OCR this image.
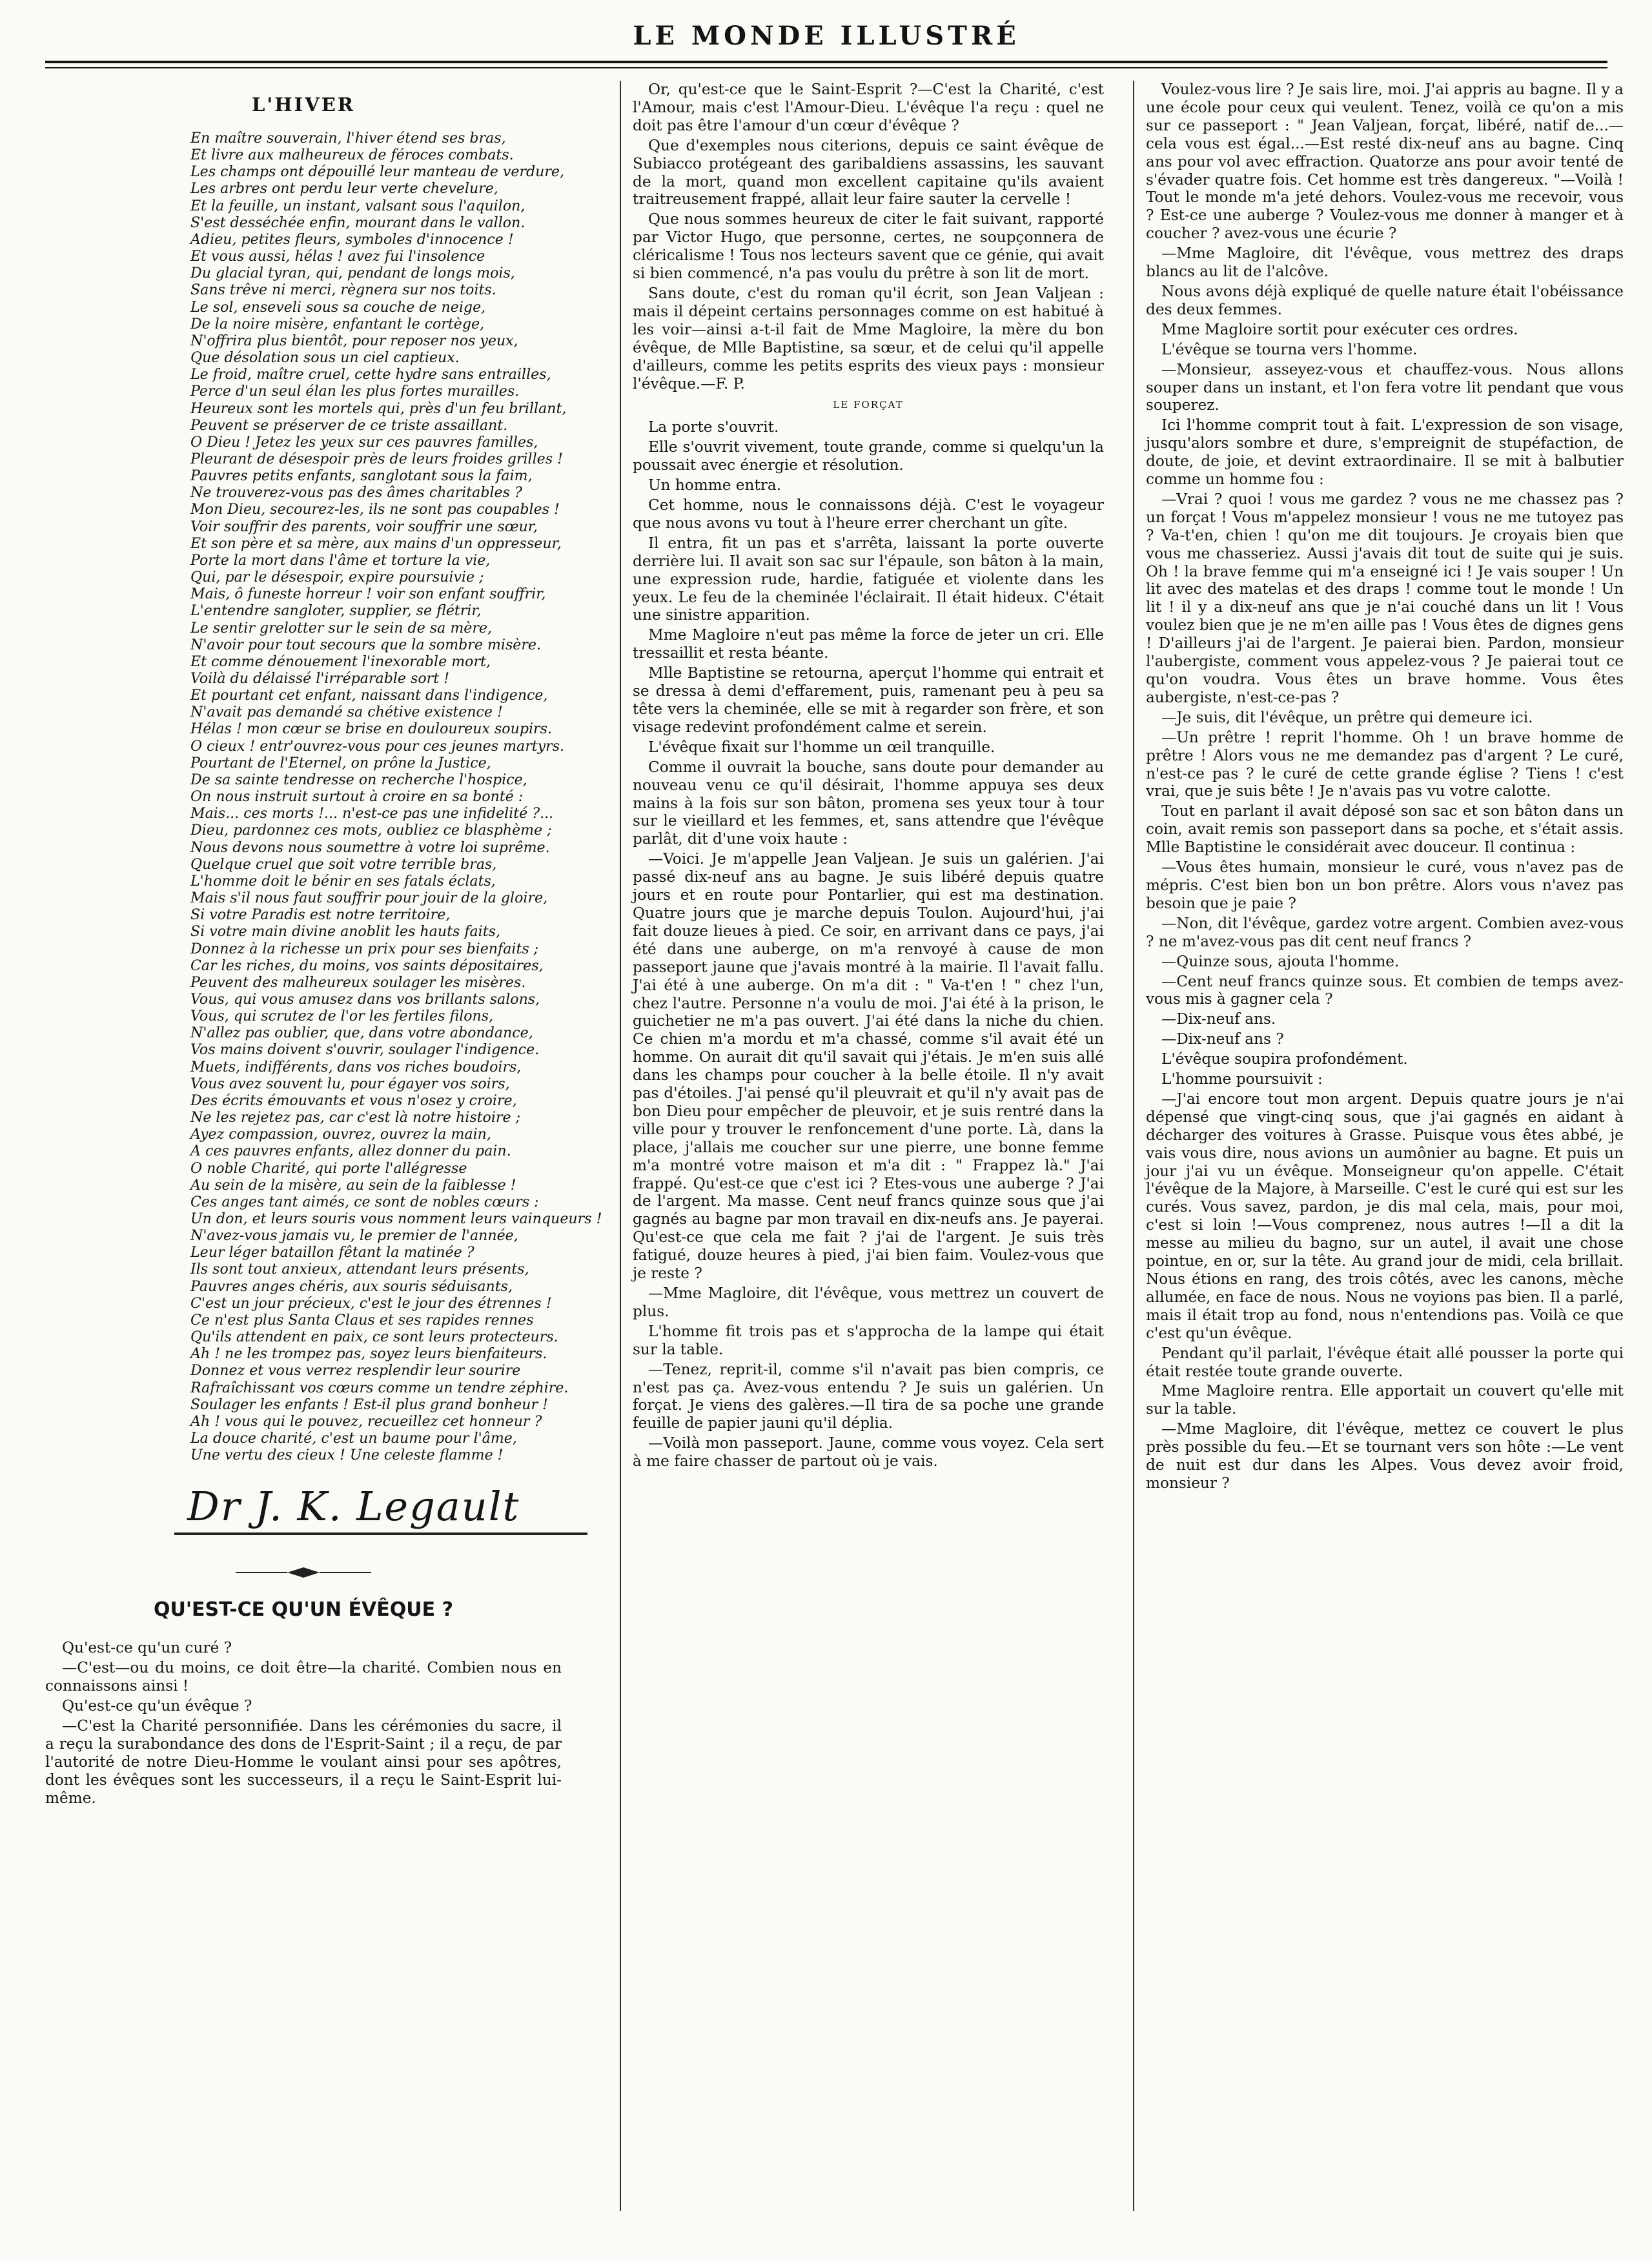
LE MONDE ILLUSTRÉ
L'HIVER
En maître souverain, l'hiver étend ses bras,
Et livre aux malheureux de féroces combats.
Les champs ont dépouillé leur manteau de verdure,
Les arbres ont perdu leur verte chevelure,
Et la feuille, un instant, valsant sous l'aquilon,
S'est desséchée enfin, mourant dans le vallon.
Adieu, petites fleurs, symboles d'innocence !
Et vous aussi, hélas ! avez fui l'insolence
Du glacial tyran, qui, pendant de longs mois,
Sans trêve ni merci, règnera sur nos toits.
Le sol, enseveli sous sa couche de neige,
De la noire misère, enfantant le cortège,
N'offrira plus bientôt, pour reposer nos yeux,
Que désolation sous un ciel captieux.
Le froid, maître cruel, cette hydre sans entrailles,
Perce d'un seul élan les plus fortes murailles.
Heureux sont les mortels qui, près d'un feu brillant,
Peuvent se préserver de ce triste assaillant.
O Dieu ! Jetez les yeux sur ces pauvres familles,
Pleurant de désespoir près de leurs froides grilles !
Pauvres petits enfants, sanglotant sous la faim,
Ne trouverez-vous pas des âmes charitables ?
Mon Dieu, secourez-les, ils ne sont pas coupables !
Voir souffrir des parents, voir souffrir une sœur,
Et son père et sa mère, aux mains d'un oppresseur,
Porte la mort dans l'âme et torture la vie,
Qui, par le désespoir, expire poursuivie ;
Mais, ô funeste horreur ! voir son enfant souffrir,
L'entendre sangloter, supplier, se flétrir,
Le sentir grelotter sur le sein de sa mère,
N'avoir pour tout secours que la sombre misère.
Et comme dénouement l'inexorable mort,
Voilà du délaissé l'irréparable sort !
Et pourtant cet enfant, naissant dans l'indigence,
N'avait pas demandé sa chétive existence !
Hélas ! mon cœur se brise en douloureux soupirs.
O cieux ! entr'ouvrez-vous pour ces jeunes martyrs.
Pourtant de l'Eternel, on prône la Justice,
De sa sainte tendresse on recherche l'hospice,
On nous instruit surtout à croire en sa bonté :
Mais... ces morts !... n'est-ce pas une infidelité ?...
Dieu, pardonnez ces mots, oubliez ce blasphème ;
Nous devons nous soumettre à votre loi suprême.
Quelque cruel que soit votre terrible bras,
L'homme doit le bénir en ses fatals éclats,
Mais s'il nous faut souffrir pour jouir de la gloire,
Si votre Paradis est notre territoire,
Si votre main divine anoblit les hauts faits,
Donnez à la richesse un prix pour ses bienfaits ;
Car les riches, du moins, vos saints dépositaires,
Peuvent des malheureux soulager les misères.
Vous, qui vous amusez dans vos brillants salons,
Vous, qui scrutez de l'or les fertiles filons,
N'allez pas oublier, que, dans votre abondance,
Vos mains doivent s'ouvrir, soulager l'indigence.
Muets, indifférents, dans vos riches boudoirs,
Vous avez souvent lu, pour égayer vos soirs,
Des écrits émouvants et vous n'osez y croire,
Ne les rejetez pas, car c'est là notre histoire ;
Ayez compassion, ouvrez, ouvrez la main,
A ces pauvres enfants, allez donner du pain.
O noble Charité, qui porte l'allégresse
Au sein de la misère, au sein de la faiblesse !
Ces anges tant aimés, ce sont de nobles cœurs :
Un don, et leurs souris vous nomment leurs vainqueurs !
N'avez-vous jamais vu, le premier de l'année,
Leur léger bataillon fêtant la matinée ?
Ils sont tout anxieux, attendant leurs présents,
Pauvres anges chéris, aux souris séduisants,
C'est un jour précieux, c'est le jour des étrennes !
Ce n'est plus Santa Claus et ses rapides rennes
Qu'ils attendent en paix, ce sont leurs protecteurs.
Ah ! ne les trompez pas, soyez leurs bienfaiteurs.
Donnez et vous verrez resplendir leur sourire
Rafraîchissant vos cœurs comme un tendre zéphire.
Soulager les enfants ! Est-il plus grand bonheur !
Ah ! vous qui le pouvez, recueillez cet honneur ?
La douce charité, c'est un baume pour l'âme,
Une vertu des cieux ! Une celeste flamme !
Dr J. K. Legault
QU'EST-CE QU'UN ÉVÊQUE ?

Qu'est-ce qu'un curé ?

—C'est—ou du moins, ce doit être—la charité. Combien nous en connaissons ainsi !

Qu'est-ce qu'un évêque ?

—C'est la Charité personnifiée. Dans les cérémonies du sacre, il a reçu la surabondance des dons de l'Esprit-Saint ; il a reçu, de par l'autorité de notre Dieu-Homme le voulant ainsi pour ses apôtres, dont les évêques sont les successeurs, il a reçu le Saint-Esprit lui-même.

Or, qu'est-ce que le Saint-Esprit ?—C'est la Charité, c'est l'Amour, mais c'est l'Amour-Dieu. L'évêque l'a reçu : quel ne doit pas être l'amour d'un cœur d'évêque ?

Que d'exemples nous citerions, depuis ce saint évêque de Subiacco protégeant des garibaldiens assassins, les sauvant de la mort, quand mon excellent capitaine qu'ils avaient traitreusement frappé, allait leur faire sauter la cervelle !

Que nous sommes heureux de citer le fait suivant, rapporté par Victor Hugo, que personne, certes, ne soupçonnera de cléricalisme ! Tous nos lecteurs savent que ce génie, qui avait si bien commencé, n'a pas voulu du prêtre à son lit de mort.

Sans doute, c'est du roman qu'il écrit, son Jean Valjean : mais il dépeint certains personnages comme on est habitué à les voir—ainsi a-t-il fait de Mme Magloire, la mère du bon évêque, de Mlle Baptistine, sa sœur, et de celui qu'il appelle d'ailleurs, comme les petits esprits des vieux pays : monsieur l'évêque.—F. P.

LE FORÇAT

La porte s'ouvrit.

Elle s'ouvrit vivement, toute grande, comme si quelqu'un la poussait avec énergie et résolution.

Un homme entra.

Cet homme, nous le connaissons déjà. C'est le voyageur que nous avons vu tout à l'heure errer cherchant un gîte.

Il entra, fit un pas et s'arrêta, laissant la porte ouverte derrière lui. Il avait son sac sur l'épaule, son bâton à la main, une expression rude, hardie, fatiguée et violente dans les yeux. Le feu de la cheminée l'éclairait. Il était hideux. C'était une sinistre apparition.

Mme Magloire n'eut pas même la force de jeter un cri. Elle tressaillit et resta béante.

Mlle Baptistine se retourna, aperçut l'homme qui entrait et se dressa à demi d'effarement, puis, ramenant peu à peu sa tête vers la cheminée, elle se mit à regarder son frère, et son visage redevint profondément calme et serein.

L'évêque fixait sur l'homme un œil tranquille.

Comme il ouvrait la bouche, sans doute pour demander au nouveau venu ce qu'il désirait, l'homme appuya ses deux mains à la fois sur son bâton, promena ses yeux tour à tour sur le vieillard et les femmes, et, sans attendre que l'évêque parlât, dit d'une voix haute :

—Voici. Je m'appelle Jean Valjean. Je suis un galérien. J'ai passé dix-neuf ans au bagne. Je suis libéré depuis quatre jours et en route pour Pontarlier, qui est ma destination. Quatre jours que je marche depuis Toulon. Aujourd'hui, j'ai fait douze lieues à pied. Ce soir, en arrivant dans ce pays, j'ai été dans une auberge, on m'a renvoyé à cause de mon passeport jaune que j'avais montré à la mairie. Il l'avait fallu. J'ai été à une auberge. On m'a dit : " Va-t'en ! " chez l'un, chez l'autre. Personne n'a voulu de moi. J'ai été à la prison, le guichetier ne m'a pas ouvert. J'ai été dans la niche du chien. Ce chien m'a mordu et m'a chassé, comme s'il avait été un homme. On aurait dit qu'il savait qui j'étais. Je m'en suis allé dans les champs pour coucher à la belle étoile. Il n'y avait pas d'étoiles. J'ai pensé qu'il pleuvrait et qu'il n'y avait pas de bon Dieu pour empêcher de pleuvoir, et je suis rentré dans la ville pour y trouver le renfoncement d'une porte. Là, dans la place, j'allais me coucher sur une pierre, une bonne femme m'a montré votre maison et m'a dit : " Frappez là." J'ai frappé. Qu'est-ce que c'est ici ? Etes-vous une auberge ? J'ai de l'argent. Ma masse. Cent neuf francs quinze sous que j'ai gagnés au bagne par mon travail en dix-neufs ans. Je payerai. Qu'est-ce que cela me fait ? j'ai de l'argent. Je suis très fatigué, douze heures à pied, j'ai bien faim. Voulez-vous que je reste ?

—Mme Magloire, dit l'évêque, vous mettrez un couvert de plus.

L'homme fit trois pas et s'approcha de la lampe qui était sur la table.

—Tenez, reprit-il, comme s'il n'avait pas bien compris, ce n'est pas ça. Avez-vous entendu ? Je suis un galérien. Un forçat. Je viens des galères.—Il tira de sa poche une grande feuille de papier jauni qu'il déplia.

—Voilà mon passeport. Jaune, comme vous voyez. Cela sert à me faire chasser de partout où je vais.

Voulez-vous lire ? Je sais lire, moi. J'ai appris au bagne. Il y a une école pour ceux qui veulent. Tenez, voilà ce qu'on a mis sur ce passeport : " Jean Valjean, forçat, libéré, natif de...—cela vous est égal...—Est resté dix-neuf ans au bagne. Cinq ans pour vol avec effraction. Quatorze ans pour avoir tenté de s'évader quatre fois. Cet homme est très dangereux. "—Voilà ! Tout le monde m'a jeté dehors. Voulez-vous me recevoir, vous ? Est-ce une auberge ? Voulez-vous me donner à manger et à coucher ? avez-vous une écurie ?

—Mme Magloire, dit l'évêque, vous mettrez des draps blancs au lit de l'alcôve.

Nous avons déjà expliqué de quelle nature était l'obéissance des deux femmes.

Mme Magloire sortit pour exécuter ces ordres.

L'évêque se tourna vers l'homme.

—Monsieur, asseyez-vous et chauffez-vous. Nous allons souper dans un instant, et l'on fera votre lit pendant que vous souperez.

Ici l'homme comprit tout à fait. L'expression de son visage, jusqu'alors sombre et dure, s'empreignit de stupéfaction, de doute, de joie, et devint extraordinaire. Il se mit à balbutier comme un homme fou :

—Vrai ? quoi ! vous me gardez ? vous ne me chassez pas ? un forçat ! Vous m'appelez monsieur ! vous ne me tutoyez pas ? Va-t'en, chien ! qu'on me dit toujours. Je croyais bien que vous me chasseriez. Aussi j'avais dit tout de suite qui je suis. Oh ! la brave femme qui m'a enseigné ici ! Je vais souper ! Un lit avec des matelas et des draps ! comme tout le monde ! Un lit ! il y a dix-neuf ans que je n'ai couché dans un lit ! Vous voulez bien que je ne m'en aille pas ! Vous êtes de dignes gens ! D'ailleurs j'ai de l'argent. Je paierai bien. Pardon, monsieur l'aubergiste, comment vous appelez-vous ? Je paierai tout ce qu'on voudra. Vous êtes un brave homme. Vous êtes aubergiste, n'est-ce-pas ?

—Je suis, dit l'évêque, un prêtre qui demeure ici.

—Un prêtre ! reprit l'homme. Oh ! un brave homme de prêtre ! Alors vous ne me demandez pas d'argent ? Le curé, n'est-ce pas ? le curé de cette grande église ? Tiens ! c'est vrai, que je suis bête ! Je n'avais pas vu votre calotte.

Tout en parlant il avait déposé son sac et son bâton dans un coin, avait remis son passeport dans sa poche, et s'était assis. Mlle Baptistine le considérait avec douceur. Il continua :

—Vous êtes humain, monsieur le curé, vous n'avez pas de mépris. C'est bien bon un bon prêtre. Alors vous n'avez pas besoin que je paie ?

—Non, dit l'évêque, gardez votre argent. Combien avez-vous ? ne m'avez-vous pas dit cent neuf francs ?

—Quinze sous, ajouta l'homme.

—Cent neuf francs quinze sous. Et combien de temps avez-vous mis à gagner cela ?

—Dix-neuf ans.

—Dix-neuf ans ?

L'évêque soupira profondément.

L'homme poursuivit :

—J'ai encore tout mon argent. Depuis quatre jours je n'ai dépensé que vingt-cinq sous, que j'ai gagnés en aidant à décharger des voitures à Grasse. Puisque vous êtes abbé, je vais vous dire, nous avions un aumônier au bagne. Et puis un jour j'ai vu un évêque. Monseigneur qu'on appelle. C'était l'évêque de la Majore, à Marseille. C'est le curé qui est sur les curés. Vous savez, pardon, je dis mal cela, mais, pour moi, c'est si loin !—Vous comprenez, nous autres !—Il a dit la messe au milieu du bagno, sur un autel, il avait une chose pointue, en or, sur la tête. Au grand jour de midi, cela brillait. Nous étions en rang, des trois côtés, avec les canons, mèche allumée, en face de nous. Nous ne voyions pas bien. Il a parlé, mais il était trop au fond, nous n'entendions pas. Voilà ce que c'est qu'un évêque.

Pendant qu'il parlait, l'évêque était allé pousser la porte qui était restée toute grande ouverte.

Mme Magloire rentra. Elle apportait un couvert qu'elle mit sur la table.

—Mme Magloire, dit l'évêque, mettez ce couvert le plus près possible du feu.—Et se tournant vers son hôte :—Le vent de nuit est dur dans les Alpes. Vous devez avoir froid, monsieur ?
